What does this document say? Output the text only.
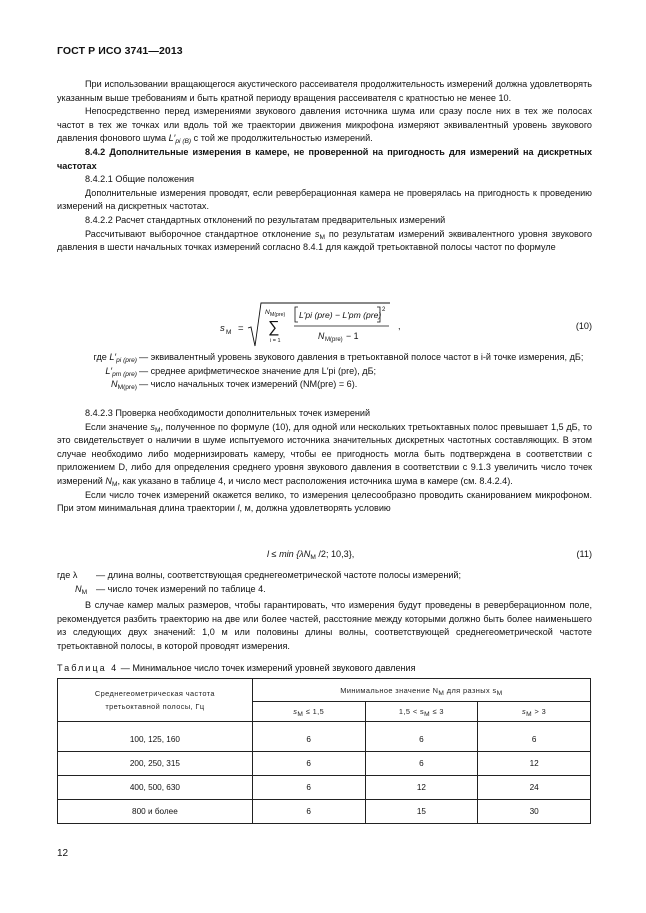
ГОСТ Р ИСО 3741—2013

При использовании вращающегося акустического рассеивателя продолжительность измерений должна удовлетворять указанным выше требованиям и быть кратной периоду вращения рассеивателя с кратностью не менее 10.

Непосредственно перед измерениями звукового давления источника шума или сразу после них в тех же полосах частот в тех же точках или вдоль той же траектории движения микрофона измеряют эквивалентный уровень звукового давления фонового шума $L'_{pi (B)}$ с той же продолжительностью измерений.

8.4.2 Дополнительные измерения в камере, не проверенной на пригодность для измерений на дискретных частотах

8.4.2.1 Общие положения

Дополнительные измерения проводят, если реверберационная камера не проверялась на пригодность к проведению измерений на дискретных частотах.

8.4.2.2 Расчет стандартных отклонений по результатам предварительных измерений

Рассчитывают выборочное стандартное отклонение $s_M$ по результатам измерений эквивалентного уровня звукового давления в шести начальных точках измерений согласно 8.4.1 для каждой третьоктавной полосы частот по формуле

s M =
N M(pre)
∑
i = 1
L′pi (pre) − L′pm (pre) 2
N M(pre) − 1
,	(10)
где $L'_{pi (pre)}$ — эквивалентный уровень звукового давления в третьоктавной полосе частот в i-й точке измерения, дБ;
$L'_{pm (pre)}$ — среднее арифметическое значение для L′pi (pre), дБ;
$N_{M(pre)}$ — число начальных точек измерений (NM(pre) = 6).

8.4.2.3 Проверка необходимости дополнительных точек измерений

Если значение $s_M$, полученное по формуле (10), для одной или нескольких третьоктавных полос превышает 1,5 дБ, то это свидетельствует о наличии в шуме испытуемого источника значительных дискретных частотных составляющих. В этом случае необходимо либо модернизировать камеру, чтобы ее пригодность могла быть подтверждена в соответствии с приложением D, либо для определения среднего уровня звукового давления в соответствии с 9.1.3 увеличить число точек измерений $N_M$, как указано в таблице 4, и число мест расположения источника шума в камере (см. 8.4.2.4).

Если число точек измерений окажется велико, то измерения целесообразно проводить сканированием микрофоном. При этом минимальная длина траектории l, м, должна удовлетворять условию

$l \le \min \{\lambda N_M$ /2; 10,3},	(11)
где λ — длина волны, соответствующая среднегеометрической частоте полосы измерений;
$N_M$ — число точек измерений по таблице 4.

В случае камер малых размеров, чтобы гарантировать, что измерения будут проведены в реверберационном поле, рекомендуется разбить траекторию на две или более частей, расстояние между которыми должно быть более наименьшего из следующих двух значений: 1,0 м или половины длины волны, соответствующей среднегеометрической частоте третьоктавной полосы, в которой проводят измерения.

Таблица 4 — Минимальное число точек измерений уровней звукового давления
Среднегеометрическая частота третьоктавной полосы, Гц	Минимальное значение $N_M$ для разных $s_M$
	$s_M \le 1,5$	$1,5 < s_M \le 3$	$s_M > 3$

100, 125, 160	6	6	6
200, 250, 315	6	6	12
400, 500, 630	6	12	24
800 и более	6	15	30
12
